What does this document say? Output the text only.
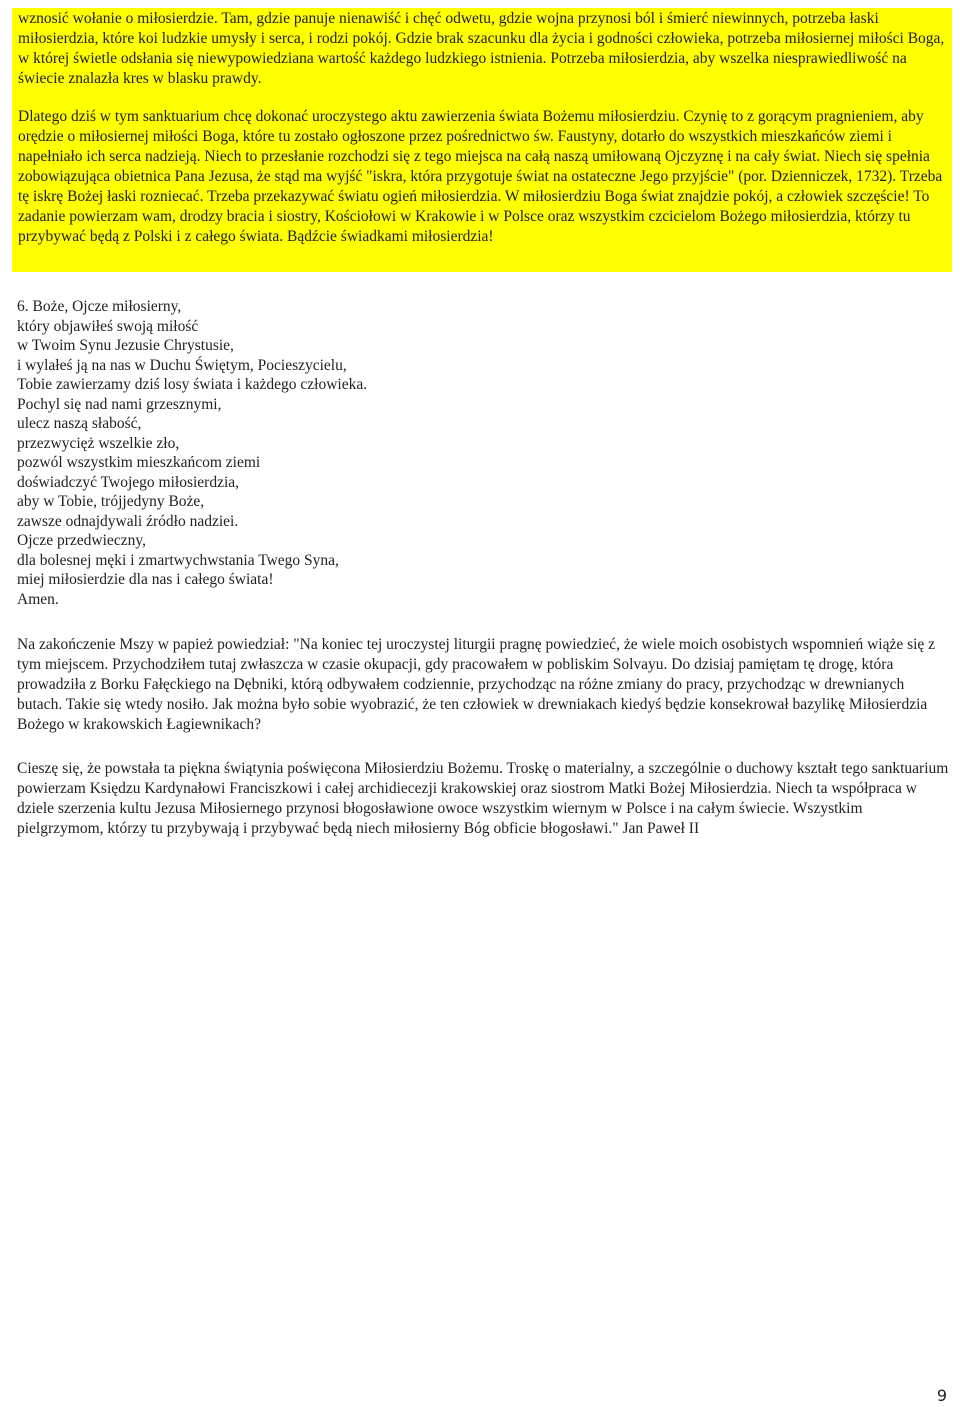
wznosić wołanie o miłosierdzie. Tam, gdzie panuje nienawiść i chęć odwetu, gdzie wojna przynosi ból i śmierć niewinnych, potrzeba łaski miłosierdzia, które koi ludzkie umysły i serca, i rodzi pokój. Gdzie brak szacunku dla życia i godności człowieka, potrzeba miłosiernej miłości Boga, w której świetle odsłania się niewypowiedziana wartość każdego ludzkiego istnienia. Potrzeba miłosierdzia, aby wszelka niesprawiedliwość na świecie znalazła kres w blasku prawdy.

Dlatego dziś w tym sanktuarium chcę dokonać uroczystego aktu zawierzenia świata Bożemu miłosierdziu. Czynię to z gorącym pragnieniem, aby orędzie o miłosiernej miłości Boga, które tu zostało ogłoszone przez pośrednictwo św. Faustyny, dotarło do wszystkich mieszkańców ziemi i napełniało ich serca nadzieją. Niech to przesłanie rozchodzi się z tego miejsca na całą naszą umiłowaną Ojczyznę i na cały świat. Niech się spełnia zobowiązująca obietnica Pana Jezusa, że stąd ma wyjść "iskra, która przygotuje świat na ostateczne Jego przyjście" (por. Dzienniczek, 1732). Trzeba tę iskrę Bożej łaski rozniecać. Trzeba przekazywać światu ogień miłosierdzia. W miłosierdziu Boga świat znajdzie pokój, a człowiek szczęście! To zadanie powierzam wam, drodzy bracia i siostry, Kościołowi w Krakowie i w Polsce oraz wszystkim czcicielom Bożego miłosierdzia, którzy tu przybywać będą z Polski i z całego świata. Bądźcie świadkami miłosierdzia!

6. Boże, Ojcze miłosierny,
który objawiłeś swoją miłość
w Twoim Synu Jezusie Chrystusie,
i wylałeś ją na nas w Duchu Świętym, Pocieszycielu,
Tobie zawierzamy dziś losy świata i każdego człowieka.
Pochyl się nad nami grzesznymi,
ulecz naszą słabość,
przezwycięż wszelkie zło,
pozwól wszystkim mieszkańcom ziemi
doświadczyć Twojego miłosierdzia,
aby w Tobie, trójjedyny Boże,
zawsze odnajdywali źródło nadziei.
Ojcze przedwieczny,
dla bolesnej męki i zmartwychwstania Twego Syna,
miej miłosierdzie dla nas i całego świata!
Amen.

Na zakończenie Mszy w papież powiedział: "Na koniec tej uroczystej liturgii pragnę powiedzieć, że wiele moich osobistych wspomnień wiąże się z tym miejscem. Przychodziłem tutaj zwłaszcza w czasie okupacji, gdy pracowałem w pobliskim Solvayu. Do dzisiaj pamiętam tę drogę, która prowadziła z Borku Fałęckiego na Dębniki, którą odbywałem codziennie, przychodząc na różne zmiany do pracy, przychodząc w drewnianych butach. Takie się wtedy nosiło. Jak można było sobie wyobrazić, że ten człowiek w drewniakach kiedyś będzie konsekrował bazylikę Miłosierdzia Bożego w krakowskich Łagiewnikach?

Cieszę się, że powstała ta piękna świątynia poświęcona Miłosierdziu Bożemu. Troskę o materialny, a szczególnie o duchowy kształt tego sanktuarium powierzam Księdzu Kardynałowi Franciszkowi i całej archidiecezji krakowskiej oraz siostrom Matki Bożej Miłosierdzia. Niech ta współpraca w dziele szerzenia kultu Jezusa Miłosiernego przynosi błogosławione owoce wszystkim wiernym w Polsce i na całym świecie. Wszystkim pielgrzymom, którzy tu przybywają i przybywać będą niech miłosierny Bóg obficie błogosławi." Jan Paweł II

9
